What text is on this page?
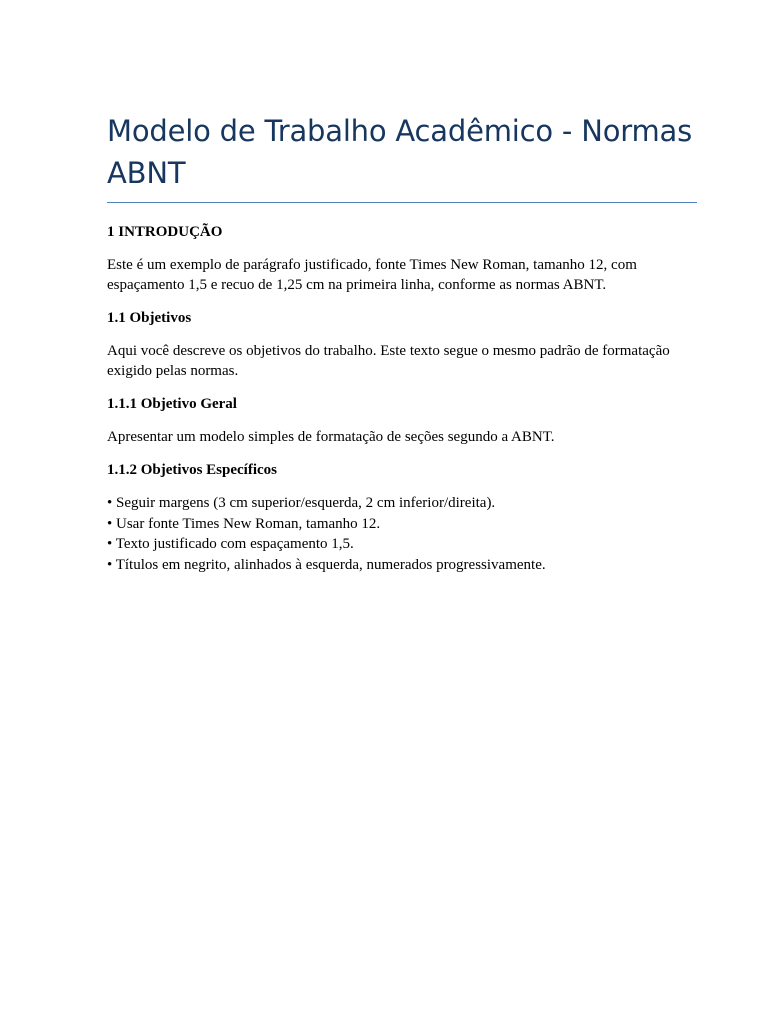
Modelo de Trabalho Acadêmico - Normas ABNT

1 INTRODUÇÃO

Este é um exemplo de parágrafo justificado, fonte Times New Roman, tamanho 12, com espaçamento 1,5 e recuo de 1,25 cm na primeira linha, conforme as normas ABNT.

1.1 Objetivos

Aqui você descreve os objetivos do trabalho. Este texto segue o mesmo padrão de formatação exigido pelas normas.

1.1.1 Objetivo Geral

Apresentar um modelo simples de formatação de seções segundo a ABNT.

1.1.2 Objetivos Específicos

• Seguir margens (3 cm superior/esquerda, 2 cm inferior/direita).
• Usar fonte Times New Roman, tamanho 12.
• Texto justificado com espaçamento 1,5.
• Títulos em negrito, alinhados à esquerda, numerados progressivamente.
